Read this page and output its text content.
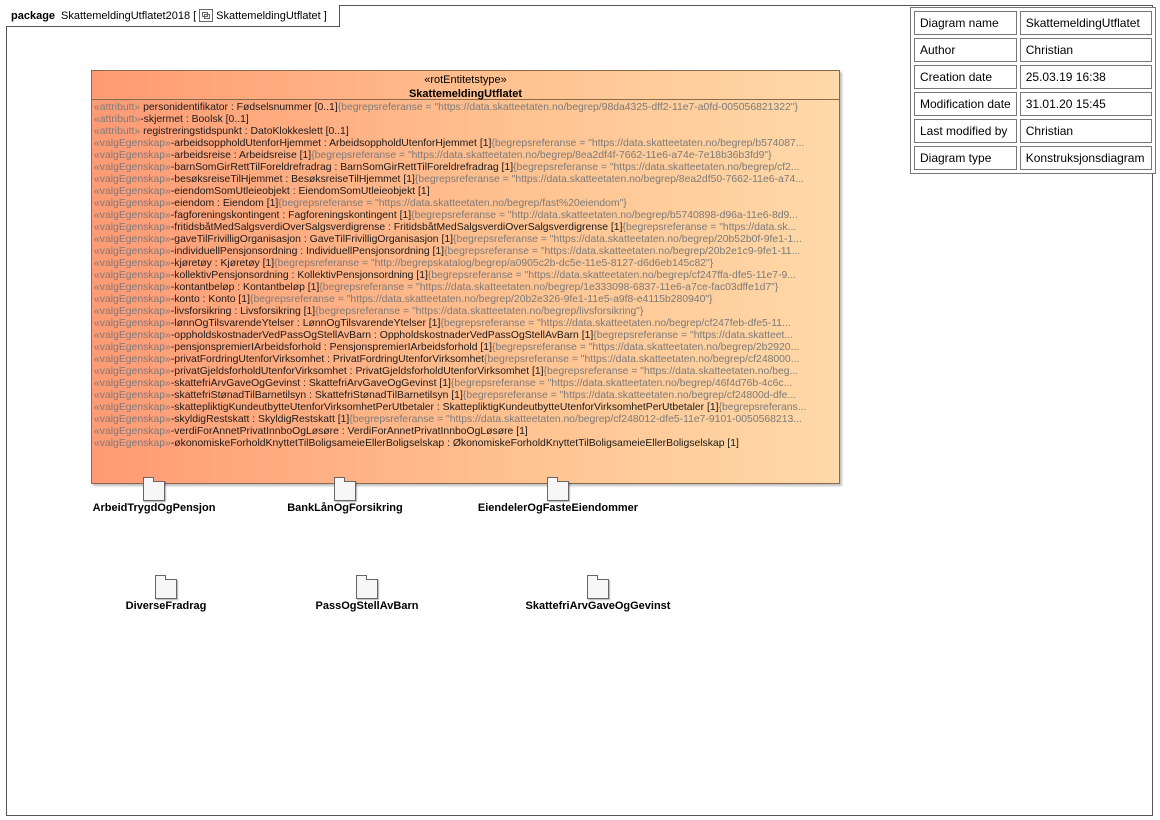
package SkattemeldingUtflatet2018 [ SkattemeldingUtflatet ]
Diagram name	SkattemeldingUtflatet
Author	Christian
Creation date	25.03.19 16:38
Modification date	31.01.20 15:45
Last modified by	Christian
Diagram type	Konstruksjonsdiagram
«rotEntitetstype»
SkattemeldingUtflatet
«attributt» personidentifikator : Fødselsnummer [0..1]{begrepsreferanse = "https://data.skatteetaten.no/begrep/98da4325-dff2-11e7-a0fd-005056821322"}
«attributt»-skjermet : Boolsk [0..1]
«attributt» registreringstidspunkt : DatoKlokkeslett [0..1]
«valgEgenskap»-arbeidsoppholdUtenforHjemmet : ArbeidsoppholdUtenforHjemmet [1]{begrepsreferanse = "https://data.skatteetaten.no/begrep/b574087...
«valgEgenskap»-arbeidsreise : Arbeidsreise [1]{begrepsreferanse = "https://data.skatteetaten.no/begrep/8ea2df4f-7662-11e6-a74e-7e18b36b3fd9"}
«valgEgenskap»-barnSomGirRettTilForeldrefradrag : BarnSomGirRettTilForeldrefradrag [1]{begrepsreferanse = "https://data.skatteetaten.no/begrep/cf2...
«valgEgenskap»-besøksreiseTilHjemmet : BesøksreiseTilHjemmet [1]{begrepsreferanse = "https://data.skatteetaten.no/begrep/8ea2df50-7662-11e6-a74...
«valgEgenskap»-eiendomSomUtleieobjekt : EiendomSomUtleieobjekt [1]
«valgEgenskap»-eiendom : Eiendom [1]{begrepsreferanse = "https://data.skatteetaten.no/begrep/fast%20eiendom"}
«valgEgenskap»-fagforeningskontingent : Fagforeningskontingent [1]{begrepsreferanse = "http://data.skatteetaten.no/begrep/b5740898-d96a-11e6-8d9...
«valgEgenskap»-fritidsbåtMedSalgsverdiOverSalgsverdigrense : FritidsbåtMedSalgsverdiOverSalgsverdigrense [1]{begrepsreferanse = "https://data.sk...
«valgEgenskap»-gaveTilFrivilligOrganisasjon : GaveTilFrivilligOrganisasjon [1]{begrepsreferanse = "https://data.skatteetaten.no/begrep/20b52b0f-9fe1-1...
«valgEgenskap»-individuellPensjonsordning : IndividuellPensjonsordning [1]{begrepsreferanse = "https://data.skatteetaten.no/begrep/20b2e1c9-9fe1-11...
«valgEgenskap»-kjøretøy : Kjøretøy [1]{begrepsreferanse = "http://begrepskatalog/begrep/a0905c2b-dc5e-11e5-8127-d6d6eb145c82"}
«valgEgenskap»-kollektivPensjonsordning : KollektivPensjonsordning [1]{begrepsreferanse = "https://data.skatteetaten.no/begrep/cf247ffa-dfe5-11e7-9...
«valgEgenskap»-kontantbeløp : Kontantbeløp [1]{begrepsreferanse = "https://data.skatteetaten.no/begrep/1e333098-6837-11e6-a7ce-fac03dffe1d7"}
«valgEgenskap»-konto : Konto [1]{begrepsreferanse = "https://data.skatteetaten.no/begrep/20b2e326-9fe1-11e5-a9f8-e4115b280940"}
«valgEgenskap»-livsforsikring : Livsforsikring [1]{begrepsreferanse = "https://data.skatteetaten.no/begrep/livsforsikring"}
«valgEgenskap»-lønnOgTilsvarendeYtelser : LønnOgTilsvarendeYtelser [1]{begrepsreferanse = "https://data.skatteetaten.no/begrep/cf247feb-dfe5-11...
«valgEgenskap»-oppholdskostnaderVedPassOgStellAvBarn : OppholdskostnaderVedPassOgStellAvBarn [1]{begrepsreferanse = "https://data.skatteet...
«valgEgenskap»-pensjonspremierIArbeidsforhold : PensjonspremierIArbeidsforhold [1]{begrepsreferanse = "https://data.skatteetaten.no/begrep/2b2920...
«valgEgenskap»-privatFordringUtenforVirksomhet : PrivatFordringUtenforVirksomhet{begrepsreferanse = "https://data.skatteetaten.no/begrep/cf248000...
«valgEgenskap»-privatGjeldsforholdUtenforVirksomhet : PrivatGjeldsforholdUtenforVirksomhet [1]{begrepsreferanse = "https://data.skatteetaten.no/beg...
«valgEgenskap»-skattefriArvGaveOgGevinst : SkattefriArvGaveOgGevinst [1]{begrepsreferanse = "https://data.skatteetaten.no/begrep/46f4d76b-4c6c...
«valgEgenskap»-skattefriStønadTilBarnetilsyn : SkattefriStønadTilBarnetilsyn [1]{begrepsreferanse = "https://data.skatteetaten.no/begrep/cf24800d-dfe...
«valgEgenskap»-skattepliktigKundeutbytteUtenforVirksomhetPerUtbetaler : SkattepliktigKundeutbytteUtenforVirksomhetPerUtbetaler [1]{begrepsreferans...
«valgEgenskap»-skyldigRestskatt : SkyldigRestskatt [1]{begrepsreferanse = "https://data.skatteetaten.no/begrep/cf248012-dfe5-11e7-9101-0050568213...
«valgEgenskap»-verdiForAnnetPrivatInnboOgLøsøre : VerdiForAnnetPrivatInnboOgLøsøre [1]
«valgEgenskap»-økonomiskeForholdKnyttetTilBoligsameieEllerBoligselskap : ØkonomiskeForholdKnyttetTilBoligsameieEllerBoligselskap [1]
ArbeidTrygdOgPensjon	BankLånOgForsikring	EiendelerOgFasteEiendommer
DiverseFradrag	PassOgStellAvBarn	SkattefriArvGaveOgGevinst
